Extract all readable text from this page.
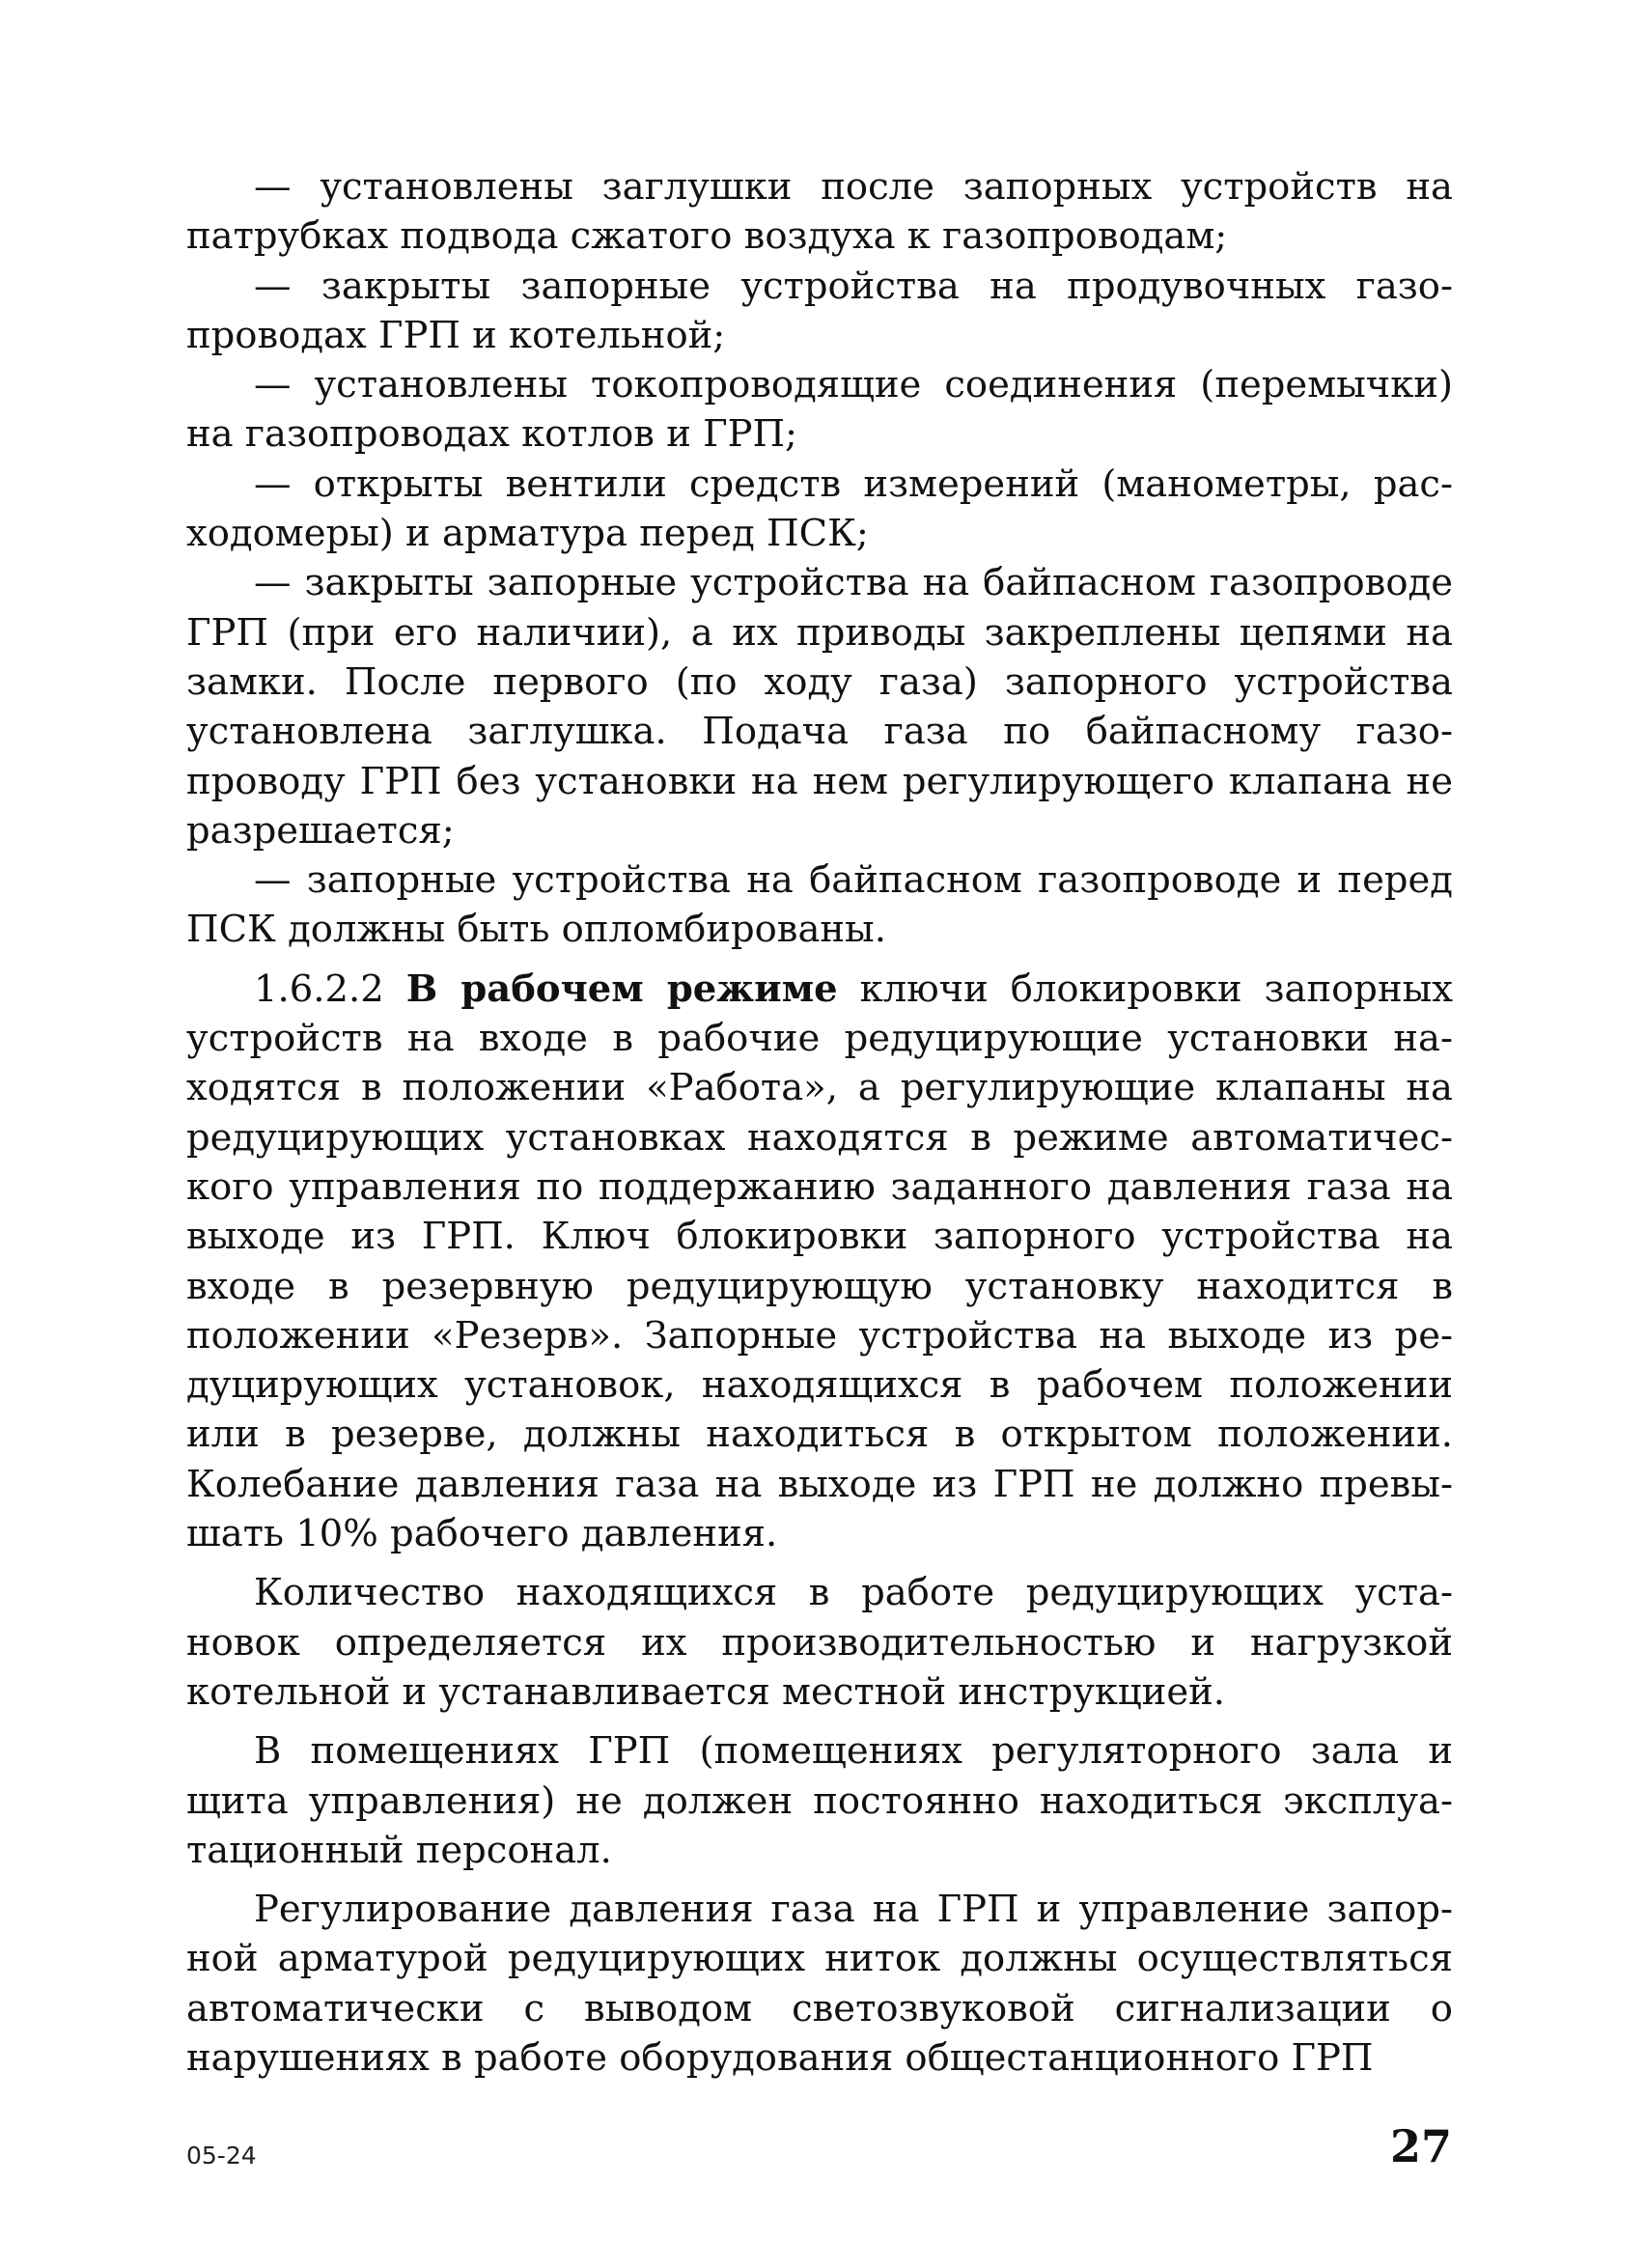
— установлены заглушки после запорных устройств на патрубках подвода сжатого воздуха к газопроводам;

— закрыты запорные устройства на продувочных газопроводах ГРП и котельной;

— установлены токопроводящие соединения (перемычки) на газопроводах котлов и ГРП;

— открыты вентили средств измерений (манометры, расходомеры) и арматура перед ПСК;

— закрыты запорные устройства на байпасном газопроводе ГРП (при его наличии), а их приводы закреплены цепями на замки. После первого (по ходу газа) запорного устройства установлена заглушка. Подача газа по байпасному газопроводу ГРП без установки на нем регулирующего клапана не разрешается;

— запорные устройства на байпасном газопроводе и перед ПСК должны быть опломбированы.

1.6.2.2 В рабочем режиме ключи блокировки запорных устройств на входе в рабочие редуцирующие установки находятся в положении «Работа», а регулирующие клапаны на редуцирующих установках находятся в режиме автоматического управления по поддержанию заданного давления газа на выходе из ГРП. Ключ блокировки запорного устройства на входе в резервную редуцирующую установку находится в положении «Резерв». Запорные устройства на выходе из редуцирующих установок, находящихся в рабочем положении или в резерве, должны находиться в открытом положении. Колебание давления газа на выходе из ГРП не должно превышать 10% рабочего давления.

Количество находящихся в работе редуцирующих установок определяется их производительностью и нагрузкой котельной и устанавливается местной инструкцией.

В помещениях ГРП (помещениях регуляторного зала и щита управления) не должен постоянно находиться эксплуатационный персонал.

Регулирование давления газа на ГРП и управление запорной арматурой редуцирующих ниток должны осуществляться автоматически с выводом светозвуковой сигнализации о нарушениях в работе оборудования общестанционного ГРП

05-24	27
